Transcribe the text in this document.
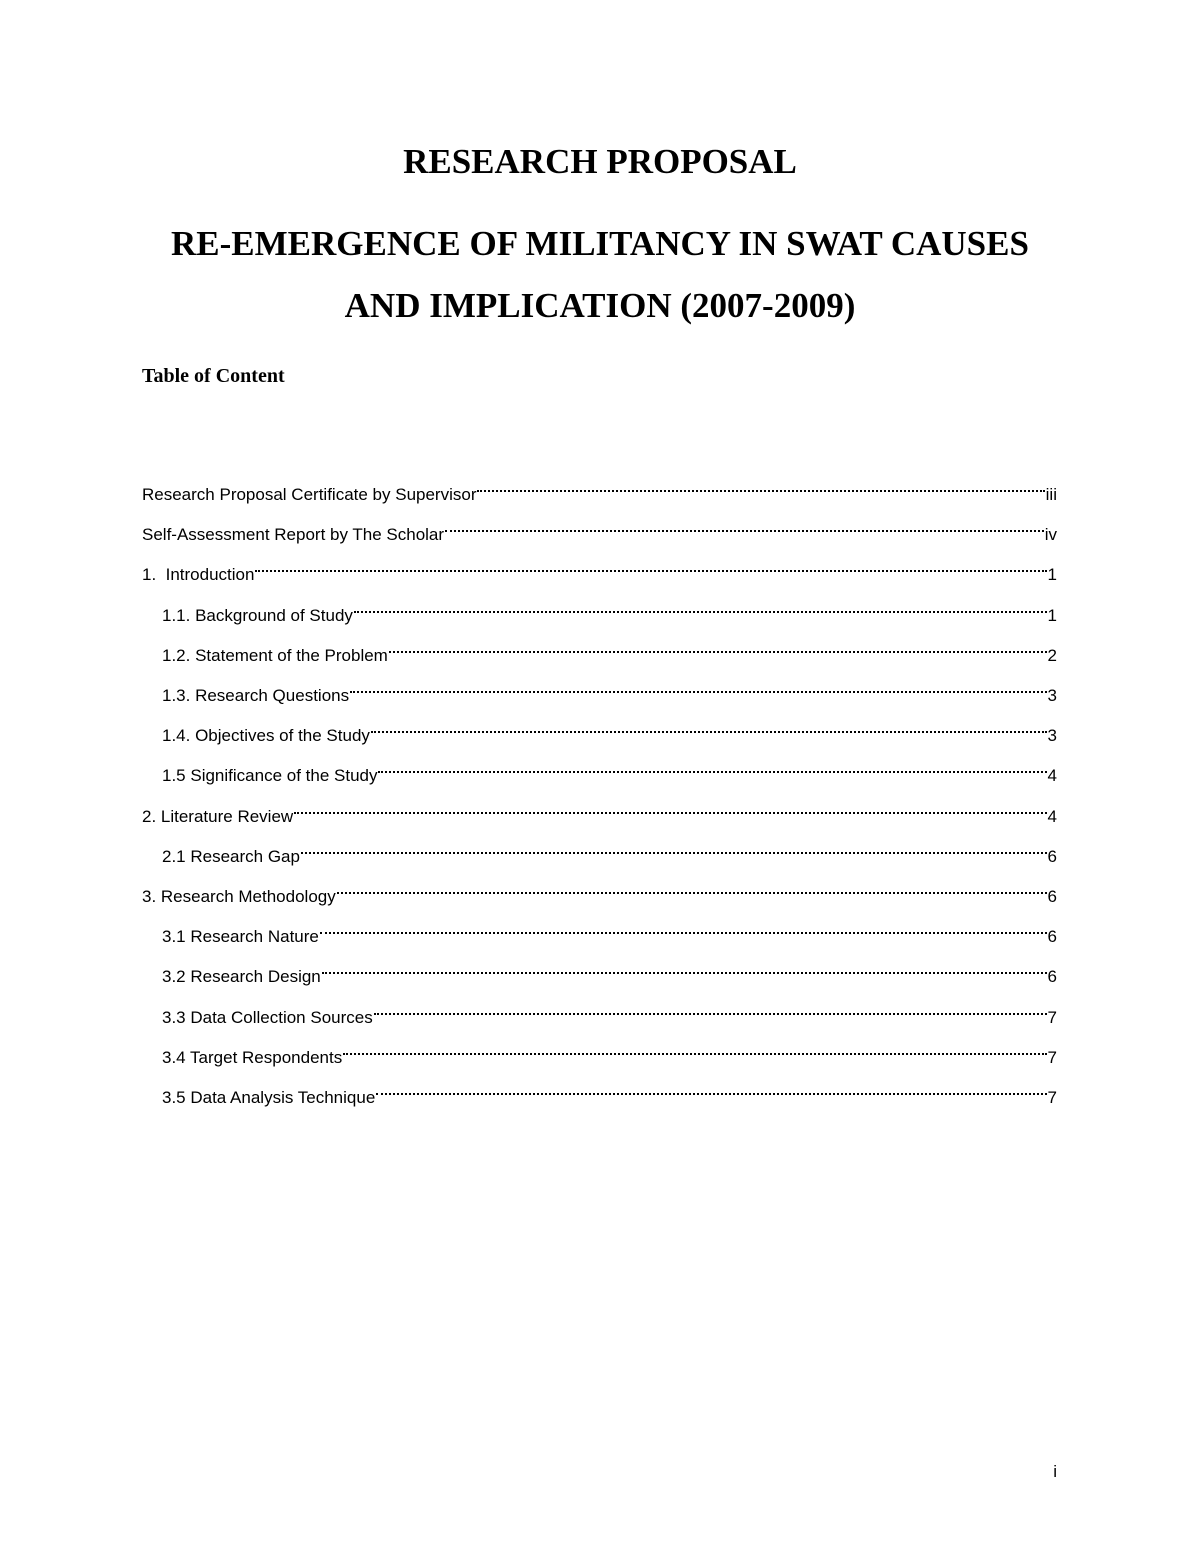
RESEARCH PROPOSAL
RE-EMERGENCE OF MILITANCY IN SWAT CAUSES
AND IMPLICATION (2007-2009)
Table of Content
Research Proposal Certificate by Supervisor	iii
Self-Assessment Report by The Scholar	iv
1.  Introduction	1
1.1. Background of Study	1
1.2. Statement of the Problem	2
1.3. Research Questions	3
1.4. Objectives of the Study	3
1.5 Significance of the Study	4
2. Literature Review	4
2.1 Research Gap	6
3. Research Methodology	6
3.1 Research Nature	6
3.2 Research Design	6
3.3 Data Collection Sources	7
3.4 Target Respondents	7
3.5 Data Analysis Technique	7
i
